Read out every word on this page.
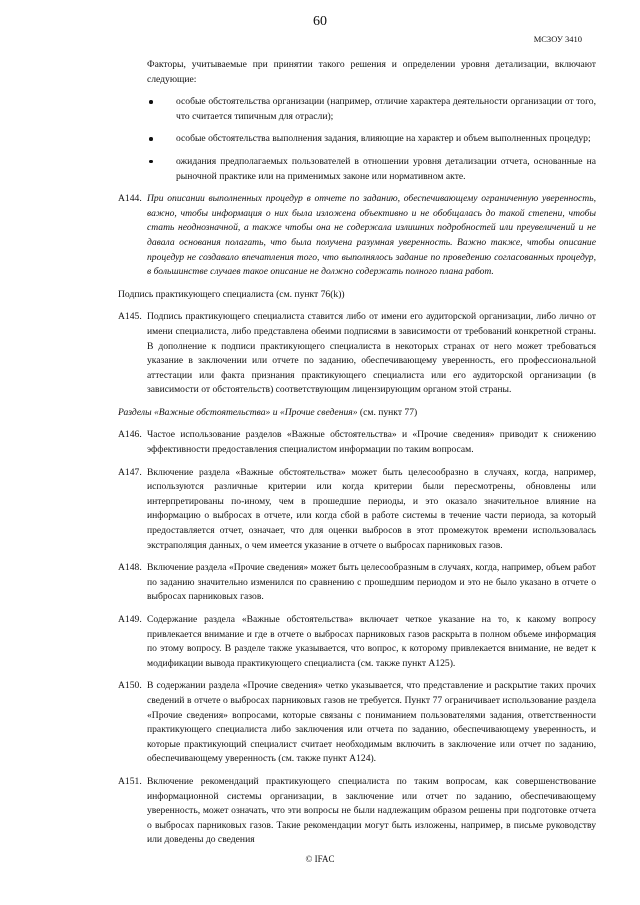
60
МСЗОУ 3410

Факторы, учитываемые при принятии такого решения и определении уровня детализации, включают следующие:

особые обстоятельства организации (например, отличие характера деятельности организации от того, что считается типичным для отрасли);
особые обстоятельства выполнения задания, влияющие на характер и объем выполненных процедур;
ожидания предполагаемых пользователей в отношении уровня детализации отчета, основанные на рыночной практике или на применимых законе или нормативном акте.
A144. При описании выполненных процедур в отчете по заданию, обеспечивающему ограниченную уверенность, важно, чтобы информация о них была изложена объективно и не обобщалась до такой степени, чтобы стать неоднозначной, а также чтобы она не содержала излишних подробностей или преувеличений и не давала основания полагать, что была получена разумная уверенность. Важно также, чтобы описание процедур не создавало впечатления того, что выполнялось задание по проведению согласованных процедур, в большинстве случаев такое описание не должно содержать полного плана работ.

Подпись практикующего специалиста (см. пункт 76(k))

A145. Подпись практикующего специалиста ставится либо от имени его аудиторской организации, либо лично от имени специалиста, либо представлена обеими подписями в зависимости от требований конкретной страны. В дополнение к подписи практикующего специалиста в некоторых странах от него может требоваться указание в заключении или отчете по заданию, обеспечивающему уверенность, его профессиональной аттестации или факта признания практикующего специалиста или его аудиторской организации (в зависимости от обстоятельств) соответствующим лицензирующим органом этой страны.

Разделы «Важные обстоятельства» и «Прочие сведения» (см. пункт 77)

A146. Частое использование разделов «Важные обстоятельства» и «Прочие сведения» приводит к снижению эффективности предоставления специалистом информации по таким вопросам.
A147. Включение раздела «Важные обстоятельства» может быть целесообразно в случаях, когда, например, используются различные критерии или когда критерии были пересмотрены, обновлены или интерпретированы по-иному, чем в прошедшие периоды, и это оказало значительное влияние на информацию о выбросах в отчете, или когда сбой в работе системы в течение части периода, за который предоставляется отчет, означает, что для оценки выбросов в этот промежуток времени использовалась экстраполяция данных, о чем имеется указание в отчете о выбросах парниковых газов.
A148. Включение раздела «Прочие сведения» может быть целесообразным в случаях, когда, например, объем работ по заданию значительно изменился по сравнению с прошедшим периодом и это не было указано в отчете о выбросах парниковых газов.
A149. Содержание раздела «Важные обстоятельства» включает четкое указание на то, к какому вопросу привлекается внимание и где в отчете о выбросах парниковых газов раскрыта в полном объеме информация по этому вопросу. В разделе также указывается, что вопрос, к которому привлекается внимание, не ведет к модификации вывода практикующего специалиста (см. также пункт A125).
A150. В содержании раздела «Прочие сведения» четко указывается, что представление и раскрытие таких прочих сведений в отчете о выбросах парниковых газов не требуется. Пункт 77 ограничивает использование раздела «Прочие сведения» вопросами, которые связаны с пониманием пользователями задания, ответственности практикующего специалиста либо заключения или отчета по заданию, обеспечивающему уверенность, и которые практикующий специалист считает необходимым включить в заключение или отчет по заданию, обеспечивающему уверенность (см. также пункт A124).
A151. Включение рекомендаций практикующего специалиста по таким вопросам, как совершенствование информационной системы организации, в заключение или отчет по заданию, обеспечивающему уверенность, может означать, что эти вопросы не были надлежащим образом решены при подготовке отчета о выбросах парниковых газов. Такие рекомендации могут быть изложены, например, в письме руководству или доведены до сведения
© IFAC
